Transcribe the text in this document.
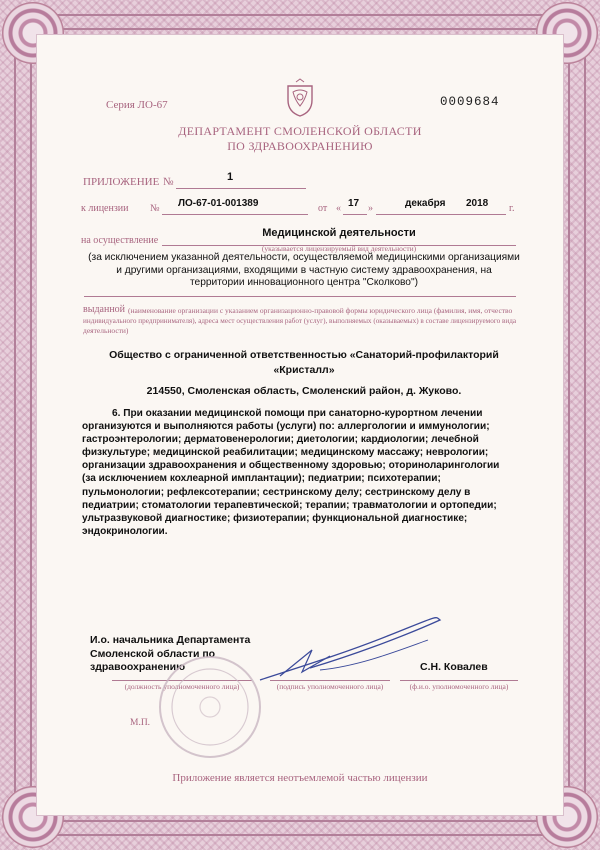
Серия ЛО-67	0009684
ДЕПАРТАМЕНТ СМОЛЕНСКОЙ ОБЛАСТИ
ПО ЗДРАВООХРАНЕНИЮ
ПРИЛОЖЕНИЕ №	1
к лицензии № ЛО-67-01-001389	от « 17 »	декабря 2018 г.
на осуществление
Медицинской деятельности
(указывается лицензируемый вид деятельности)
(за исключением указанной деятельности, осуществляемой медицинскими организациями
и другими организациями, входящими в частную систему здравоохранения, на
территории инновационного центра "Сколково")
выданной (наименование организации с указанием организационно-правовой формы юридического лица (фамилия, имя, отчество
индивидуального предпринимателя), адреса мест осуществления работ (услуг), выполняемых (оказываемых) в составе лицензируемого вида
деятельности)
Общество с ограниченной ответственностью «Санаторий-профилакторий
«Кристалл»
214550, Смоленская область, Смоленский район, д. Жуково.
6. При оказании медицинской помощи при санаторно-курортном лечении
организуются и выполняются работы (услуги) по: аллергологии и иммунологии;
гастроэнтерологии; дерматовенерологии; диетологии; кардиологии; лечебной
физкультуре; медицинской реабилитации; медицинскому массажу; неврологии;
организации здравоохранения и общественному здоровью; оториноларингологии
(за исключением кохлеарной имплантации); педиатрии; психотерапии;
пульмонологии; рефлексотерапии; сестринскому делу; сестринскому делу в
педиатрии; стоматологии терапевтической; терапии; травматологии и ортопедии;
ультразвуковой диагностике; физиотерапии; функциональной диагностике;
эндокринологии.
И.о. начальника Департамента
Смоленской области по
здравоохранению	С.Н. Ковалев
(должность уполномоченного лица)	(подпись уполномоченного лица)	(ф.и.о. уполномоченного лица)
М.П.
Приложение является неотъемлемой частью лицензии
